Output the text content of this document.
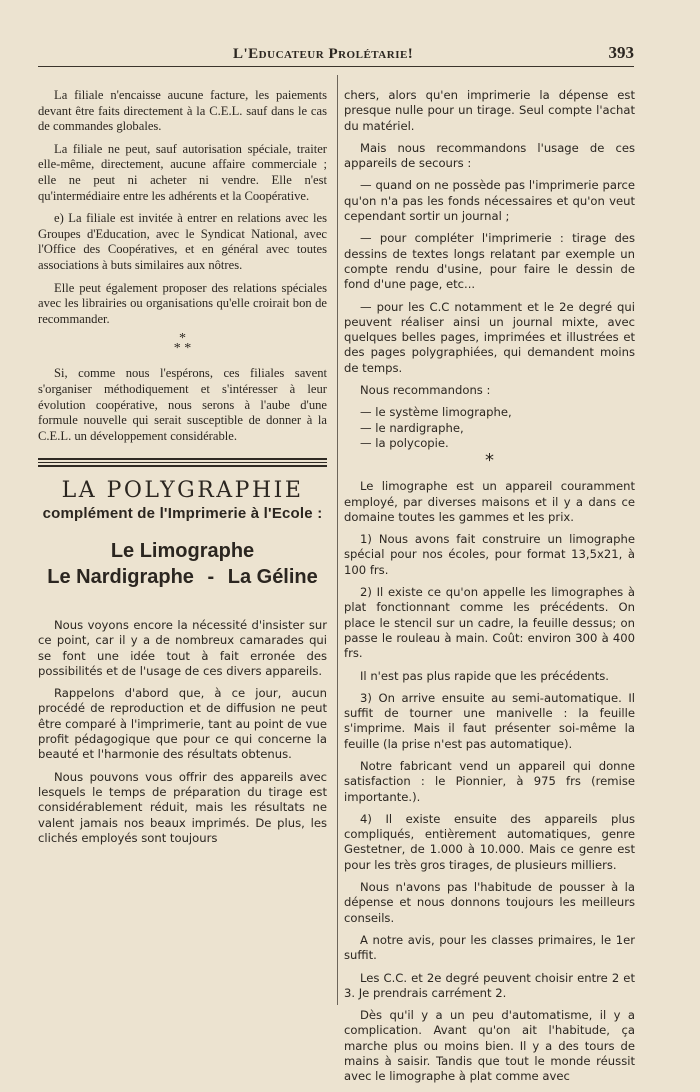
L'Educateur Prolétarie!	393

La filiale n'encaisse aucune facture, les paiements devant être faits directement à la C.E.L. sauf dans le cas de commandes globales.

La filiale ne peut, sauf autorisation spéciale, traiter elle-même, directement, aucune affaire commerciale ; elle ne peut ni acheter ni vendre. Elle n'est qu'intermédiaire entre les adhérents et la Coopérative.

e) La filiale est invitée à entrer en relations avec les Groupes d'Education, avec le Syndicat National, avec l'Office des Coopératives, et en général avec toutes associations à buts similaires aux nôtres.

Elle peut également proposer des relations spéciales avec les librairies ou organisations qu'elle croirait bon de recommander.

*
* *

Si, comme nous l'espérons, ces filiales savent s'organiser méthodiquement et s'intéresser à leur évolution coopérative, nous serons à l'aube d'une formule nouvelle qui serait susceptible de donner à la C.E.L. un développement considérable.

LA POLYGRAPHIE
complément de l'Imprimerie à l'Ecole :
Le Limographe
Le Nardigraphe - La Géline

Nous voyons encore la nécessité d'insister sur ce point, car il y a de nombreux camarades qui se font une idée tout à fait erronée des possibilités et de l'usage de ces divers appareils.

Rappelons d'abord que, à ce jour, aucun procédé de reproduction et de diffusion ne peut être comparé à l'imprimerie, tant au point de vue profit pédagogique que pour ce qui concerne la beauté et l'harmonie des résultats obtenus.

Nous pouvons vous offrir des appareils avec lesquels le temps de préparation du tirage est considérablement réduit, mais les résultats ne valent jamais nos beaux imprimés. De plus, les clichés employés sont toujours

chers, alors qu'en imprimerie la dépense est presque nulle pour un tirage. Seul compte l'achat du matériel.

Mais nous recommandons l'usage de ces appareils de secours :

— quand on ne possède pas l'imprimerie parce qu'on n'a pas les fonds nécessaires et qu'on veut cependant sortir un journal ;

— pour compléter l'imprimerie : tirage des dessins de textes longs relatant par exemple un compte rendu d'usine, pour faire le dessin de fond d'une page, etc...

— pour les C.C notamment et le 2e degré qui peuvent réaliser ainsi un journal mixte, avec quelques belles pages, imprimées et illustrées et des pages polygraphiées, qui demandent moins de temps.

Nous recommandons :

— le système limographe,
— le nardigraphe,
— la polycopie.
*

Le limographe est un appareil couramment employé, par diverses maisons et il y a dans ce domaine toutes les gammes et les prix.

1) Nous avons fait construire un limographe spécial pour nos écoles, pour format 13,5x21, à 100 frs.

2) Il existe ce qu'on appelle les limographes à plat fonctionnant comme les précédents. On place le stencil sur un cadre, la feuille dessus; on passe le rouleau à main. Coût: environ 300 à 400 frs.

Il n'est pas plus rapide que les précédents.

3) On arrive ensuite au semi-automatique. Il suffit de tourner une manivelle : la feuille s'imprime. Mais il faut présenter soi-même la feuille (la prise n'est pas automatique).

Notre fabricant vend un appareil qui donne satisfaction : le Pionnier, à 975 frs (remise importante.).

4) Il existe ensuite des appareils plus compliqués, entièrement automatiques, genre Gestetner, de 1.000 à 10.000. Mais ce genre est pour les très gros tirages, de plusieurs milliers.

Nous n'avons pas l'habitude de pousser à la dépense et nous donnons toujours les meilleurs conseils.

A notre avis, pour les classes primaires, le 1er suffit.

Les C.C. et 2e degré peuvent choisir entre 2 et 3. Je prendrais carrément 2.

Dès qu'il y a un peu d'automatisme, il y a complication. Avant qu'on ait l'habitude, ça marche plus ou moins bien. Il y a des tours de mains à saisir. Tandis que tout le monde réussit avec le limographe à plat comme avec
